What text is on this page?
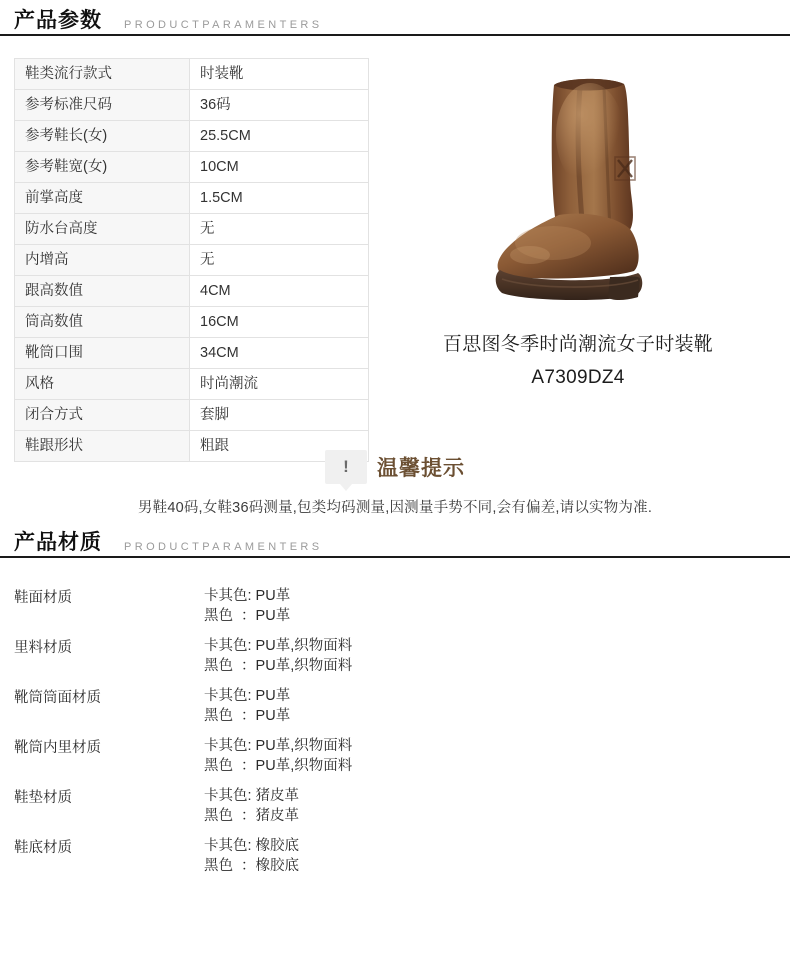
产品参数 PRODUCTPARAMENTERS
鞋类流行款式	时装靴
参考标准尺码	36码
参考鞋长(女)	25.5CM
参考鞋宽(女)	10CM
前掌高度	1.5CM
防水台高度	无
内增高	无
跟高数值	4CM
筒高数值	16CM
靴筒口围	34CM
风格	时尚潮流
闭合方式	套脚
鞋跟形状	粗跟
百思图冬季时尚潮流女子时装靴
A7309DZ4
!	温馨提示
男鞋40码,女鞋36码测量,包类均码测量,因测量手势不同,会有偏差,请以实物为准.
产品材质 PRODUCTPARAMENTERS
鞋面材质	卡其色: PU革
黑色  ：PU革
里料材质	卡其色: PU革,织物面料
黑色  ：PU革,织物面料
靴筒筒面材质	卡其色: PU革
黑色  ：PU革
靴筒内里材质	卡其色: PU革,织物面料
黑色  ：PU革,织物面料
鞋垫材质	卡其色: 猪皮革
黑色  ：猪皮革
鞋底材质	卡其色: 橡胶底
黑色  ：橡胶底
